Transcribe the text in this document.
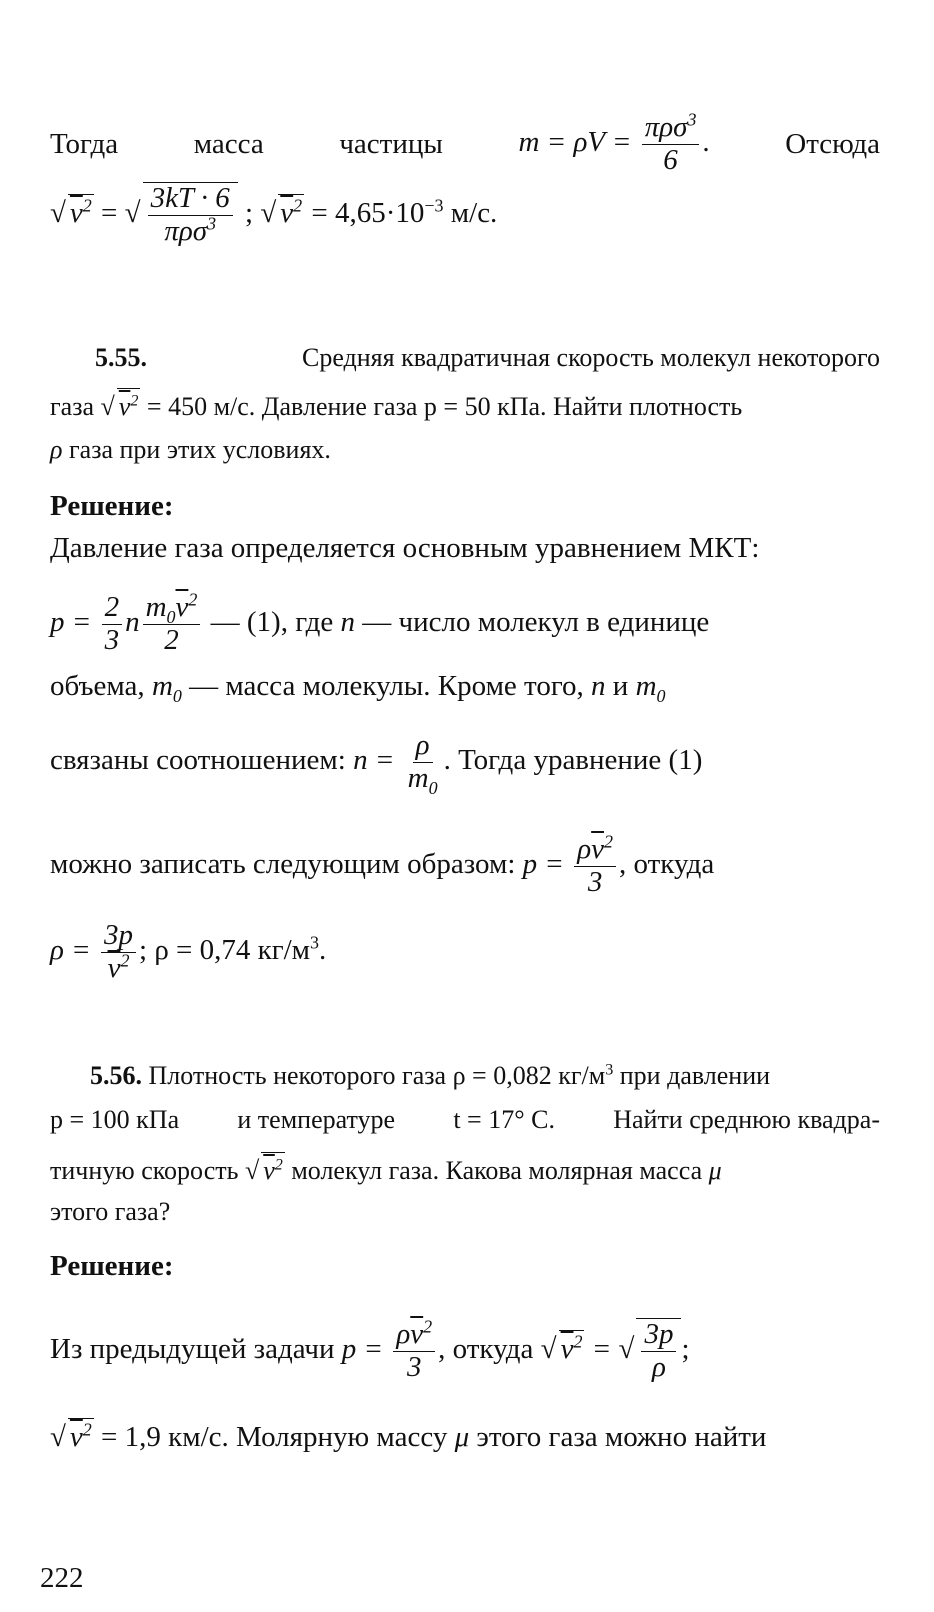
Тогда	масса	частицы	$m = \rho V = \frac{\pi\rho\sigma^3}{6}$ .	Отсюда
√ $\overline{v}^2$ = √ $\frac{3kT \cdot 6}{\pi\rho\sigma^3}$ ; √ $\overline{v}^2 = 4,65\cdot 10^{-3}$ м/с.
5.55.	Средняя квадратичная скорость молекул некоторого
газа √ $\overline{v}^2 = 450$ м/с. Давление газа p = 50 кПа. Найти плотность
ρ газа при этих условиях.
Решение:
Давление газа определяется основным уравнением МКТ:
$p = \frac{2}{3}$ n $\frac{m_0\overline{v}^2}{2}$ — (1), где n — число молекул в единице
объема, $m_0$ — масса молекулы. Кроме того, n и $m_0$
связаны соотношением: $n = \frac{\rho}{m_0}$ . Тогда уравнение (1)
можно записать следующим образом: $p = \frac{\rho\overline{v}^2}{3}$ , откуда
$\rho = \frac{3p}{\overline{v}^2}$ ; ρ = 0,74 $кг/м^3$.
5.56. Плотность некоторого газа ρ = 0,082 $кг/м^3$ при давлении
p = 100 кПа и температуре t = 17° C. Найти среднюю квадра-
тичную скорость √ $\overline{v}^2$ молекул газа. Какова молярная масса μ
этого газа?
Решение:
Из предыдущей задачи $p = \frac{\rho\overline{v}^2}{3}$ , откуда √ $\overline{v}^2$ = √ $\frac{3p}{\rho}$ ;
√ $\overline{v}^2 = 1,9$ км/с. Молярную массу μ этого газа можно найти
222
